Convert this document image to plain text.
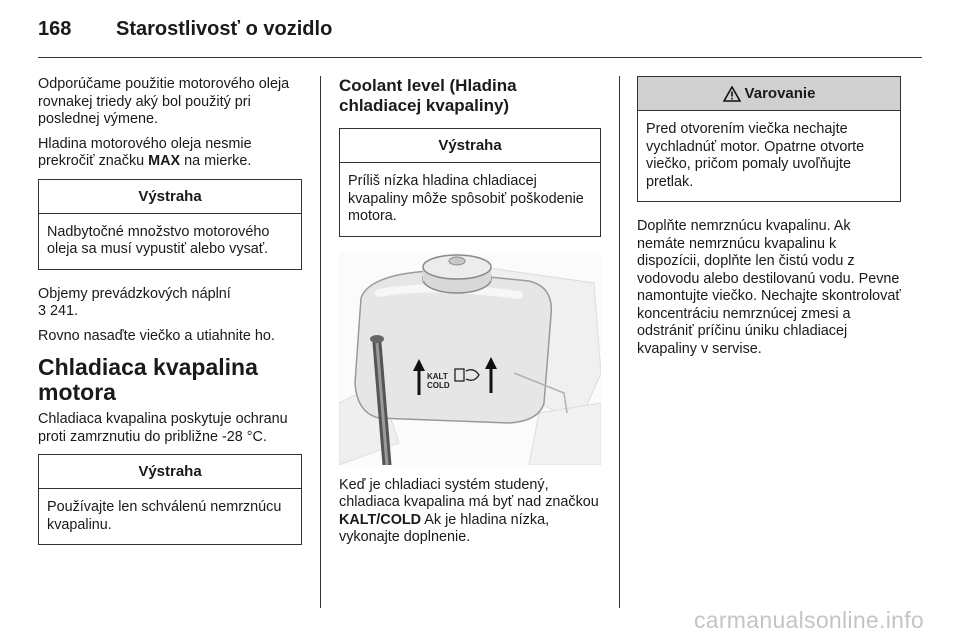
168	Starostlivosť o vozidlo

Odporúčame použitie motorového oleja rovnakej triedy aký bol použitý pri poslednej výmene.

Hladina motorového oleja nesmie prekročiť značku MAX na mierke.

Výstraha
Nadbytočné množstvo motorového oleja sa musí vypustiť alebo vysať.

Objemy prevádzkových náplní
3 241.

Rovno nasaďte viečko a utiahnite ho.

Chladiaca kvapalina motora

Chladiaca kvapalina poskytuje ochranu proti zamrznutiu do približne -28 °C.

Výstraha
Používajte len schválenú nemrznúcu kvapalinu.
Coolant level (Hladina chladiacej kvapaliny)
Výstraha
Príliš nízka hladina chladiacej kvapaliny môže spôsobiť poškodenie motora.
KALT
COLD

Keď je chladiaci systém studený, chladiaca kvapalina má byť nad značkou KALT/COLD Ak je hladina nízka, vykonajte doplnenie.

Varovanie
Pred otvorením viečka nechajte vychladnúť motor. Opatrne otvorte viečko, pričom pomaly uvoľňujte pretlak.

Doplňte nemrznúcu kvapalinu. Ak nemáte nemrznúcu kvapalinu k dispozícii, doplňte len čistú vodu z vodovodu alebo destilovanú vodu. Pevne namontujte viečko. Nechajte skontrolovať koncentráciu nemrznúcej zmesi a odstrániť príčinu úniku chladiacej kvapaliny v servise.

carmanualsonline.info
